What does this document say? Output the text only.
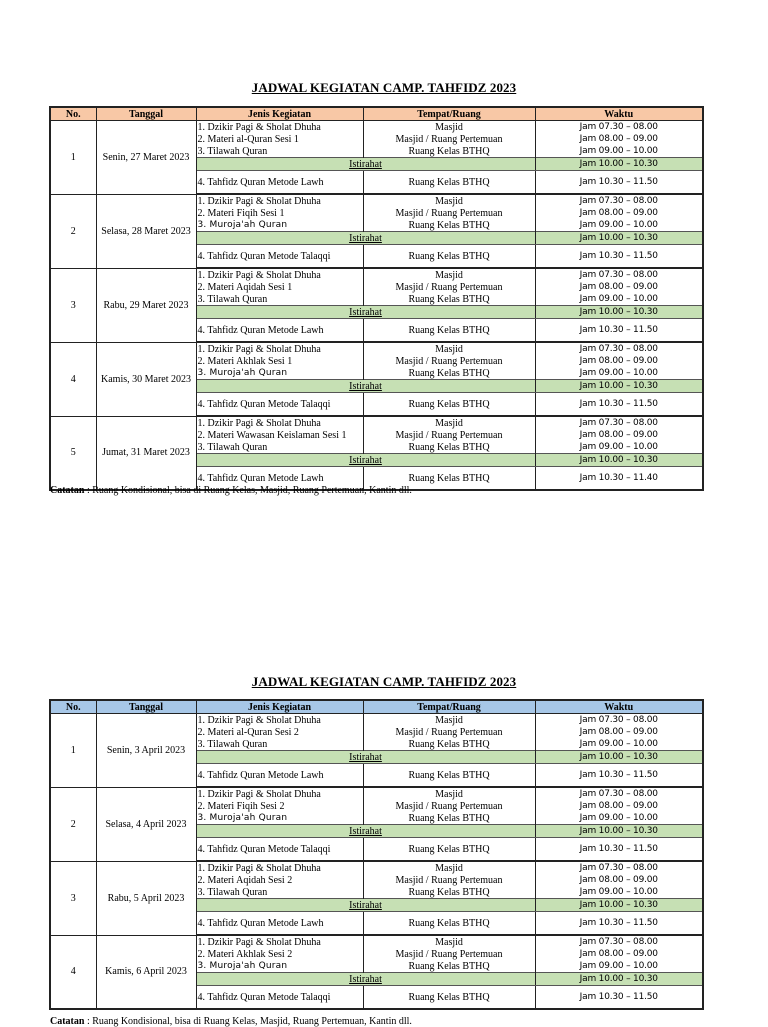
JADWAL KEGIATAN CAMP. TAHFIDZ 2023
No.	Tanggal	Jenis Kegiatan	Tempat/Ruang	Waktu
1	Senin, 27 Maret 2023	1. Dzikir Pagi & Sholat Dhuha	Masjid	Jam 07.30 – 08.00
		2. Materi al-Quran Sesi 1	Masjid / Ruang Pertemuan	Jam 08.00 – 09.00
		3. Tilawah Quran	Ruang Kelas BTHQ	Jam 09.00 – 10.00
		Istirahat		Jam 10.00 – 10.30
		4. Tahfidz Quran Metode Lawh	Ruang Kelas BTHQ	Jam 10.30 – 11.50
2	Selasa, 28 Maret 2023	1. Dzikir Pagi & Sholat Dhuha	Masjid	Jam 07.30 – 08.00
		2. Materi Fiqih Sesi 1	Masjid / Ruang Pertemuan	Jam 08.00 – 09.00
		3. Muroja'ah Quran	Ruang Kelas BTHQ	Jam 09.00 – 10.00
		Istirahat		Jam 10.00 – 10.30
		4. Tahfidz Quran Metode Talaqqi	Ruang Kelas BTHQ	Jam 10.30 – 11.50
3	Rabu, 29 Maret 2023	1. Dzikir Pagi & Sholat Dhuha	Masjid	Jam 07.30 – 08.00
		2. Materi Aqidah Sesi 1	Masjid / Ruang Pertemuan	Jam 08.00 – 09.00
		3. Tilawah Quran	Ruang Kelas BTHQ	Jam 09.00 – 10.00
		Istirahat		Jam 10.00 – 10.30
		4. Tahfidz Quran Metode Lawh	Ruang Kelas BTHQ	Jam 10.30 – 11.50
4	Kamis, 30 Maret 2023	1. Dzikir Pagi & Sholat Dhuha	Masjid	Jam 07.30 – 08.00
		2. Materi Akhlak Sesi 1	Masjid / Ruang Pertemuan	Jam 08.00 – 09.00
		3. Muroja'ah Quran	Ruang Kelas BTHQ	Jam 09.00 – 10.00
		Istirahat		Jam 10.00 – 10.30
		4. Tahfidz Quran Metode Talaqqi	Ruang Kelas BTHQ	Jam 10.30 – 11.50
5	Jumat, 31 Maret 2023	1. Dzikir Pagi & Sholat Dhuha	Masjid	Jam 07.30 – 08.00
		2. Materi Wawasan Keislaman Sesi 1	Masjid / Ruang Pertemuan	Jam 08.00 – 09.00
		3. Tilawah Quran	Ruang Kelas BTHQ	Jam 09.00 – 10.00
		Istirahat		Jam 10.00 – 10.30
		4. Tahfidz Quran Metode Lawh	Ruang Kelas BTHQ	Jam 10.30 – 11.40
Catatan : Ruang Kondisional, bisa di Ruang Kelas, Masjid, Ruang Pertemuan, Kantin dll.
JADWAL KEGIATAN CAMP. TAHFIDZ 2023
No.	Tanggal	Jenis Kegiatan	Tempat/Ruang	Waktu
1	Senin, 3 April 2023	1. Dzikir Pagi & Sholat Dhuha	Masjid	Jam 07.30 – 08.00
		2. Materi al-Quran Sesi 2	Masjid / Ruang Pertemuan	Jam 08.00 – 09.00
		3. Tilawah Quran	Ruang Kelas BTHQ	Jam 09.00 – 10.00
		Istirahat		Jam 10.00 – 10.30
		4. Tahfidz Quran Metode Lawh	Ruang Kelas BTHQ	Jam 10.30 – 11.50
2	Selasa, 4 April 2023	1. Dzikir Pagi & Sholat Dhuha	Masjid	Jam 07.30 – 08.00
		2. Materi Fiqih Sesi 2	Masjid / Ruang Pertemuan	Jam 08.00 – 09.00
		3. Muroja'ah Quran	Ruang Kelas BTHQ	Jam 09.00 – 10.00
		Istirahat		Jam 10.00 – 10.30
		4. Tahfidz Quran Metode Talaqqi	Ruang Kelas BTHQ	Jam 10.30 – 11.50
3	Rabu, 5 April 2023	1. Dzikir Pagi & Sholat Dhuha	Masjid	Jam 07.30 – 08.00
		2. Materi Aqidah Sesi 2	Masjid / Ruang Pertemuan	Jam 08.00 – 09.00
		3. Tilawah Quran	Ruang Kelas BTHQ	Jam 09.00 – 10.00
		Istirahat		Jam 10.00 – 10.30
		4. Tahfidz Quran Metode Lawh	Ruang Kelas BTHQ	Jam 10.30 – 11.50
4	Kamis, 6 April 2023	1. Dzikir Pagi & Sholat Dhuha	Masjid	Jam 07.30 – 08.00
		2. Materi Akhlak Sesi 2	Masjid / Ruang Pertemuan	Jam 08.00 – 09.00
		3. Muroja'ah Quran	Ruang Kelas BTHQ	Jam 09.00 – 10.00
		Istirahat		Jam 10.00 – 10.30
		4. Tahfidz Quran Metode Talaqqi	Ruang Kelas BTHQ	Jam 10.30 – 11.50
Catatan : Ruang Kondisional, bisa di Ruang Kelas, Masjid, Ruang Pertemuan, Kantin dll.
